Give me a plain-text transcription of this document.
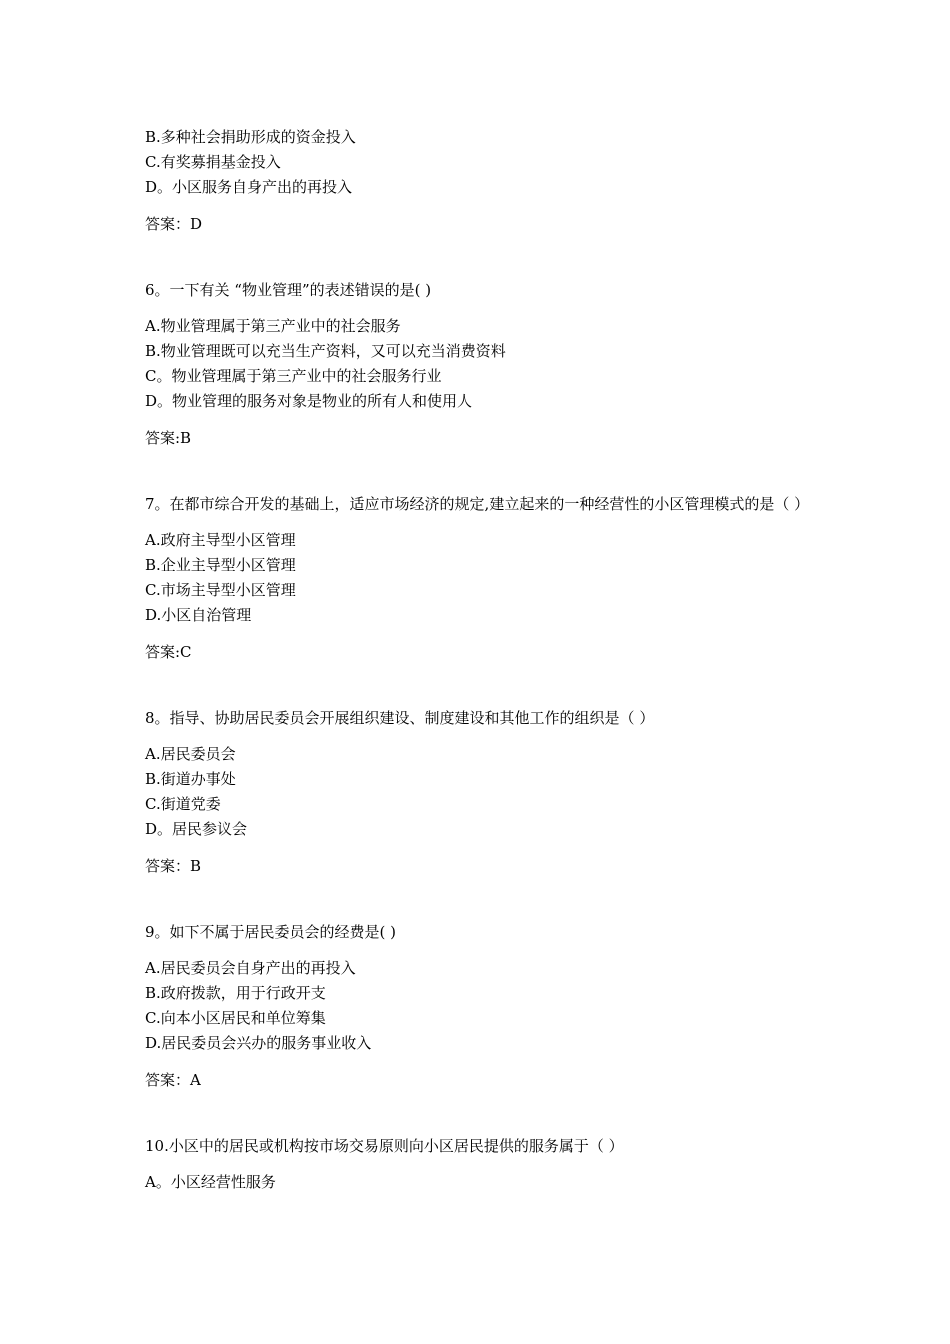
B.多种社会捐助形成的资金投入
C.有奖募捐基金投入
D。小区服务自身产出的再投入
答案：D
6。一下有关 “物业管理”的表述错误的是( )
A.物业管理属于第三产业中的社会服务
B.物业管理既可以充当生产资料，又可以充当消费资料
C。物业管理属于第三产业中的社会服务行业
D。物业管理的服务对象是物业的所有人和使用人
答案:B
7。在都市综合开发的基础上，适应市场经济的规定,建立起来的一种经营性的小区管理模式的是（ ）
A.政府主导型小区管理
B.企业主导型小区管理
C.市场主导型小区管理
D.小区自治管理
答案:C
8。指导、协助居民委员会开展组织建设、制度建设和其他工作的组织是（ ）
A.居民委员会
B.街道办事处
C.街道党委
D。居民参议会
答案：B
9。如下不属于居民委员会的经费是( )
A.居民委员会自身产出的再投入
B.政府拨款，用于行政开支
C.向本小区居民和单位筹集
D.居民委员会兴办的服务事业收入
答案：A
10.小区中的居民或机构按市场交易原则向小区居民提供的服务属于（ ）
A。小区经营性服务
